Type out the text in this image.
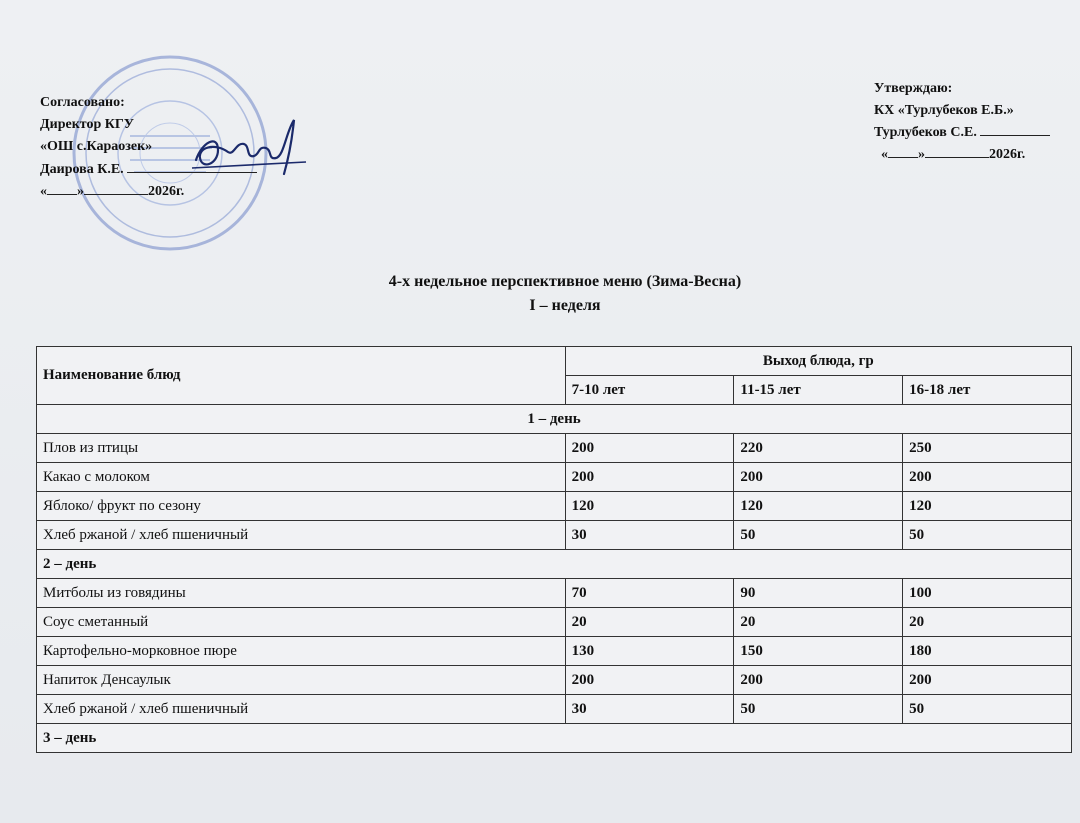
Согласовано:
Директор КГУ
«ОШ с.Караозек»
Даирова К.Е.
« »	2026г.
Утверждаю:
КХ «Турлубеков Е.Б.»
Турлубеков С.Е.
« »	2026г.
4-х недельное перспективное меню (Зима-Весна)
I – неделя
Наименование блюд	Выход блюда, гр		
	7-10 лет	11-15 лет	16-18 лет
1 – день			
Плов из птицы	200	220	250
Какао с молоком	200	200	200
Яблоко/ фрукт по сезону	120	120	120
Хлеб ржаной / хлеб пшеничный	30	50	50
2 – день			
Митболы из говядины	70	90	100
Соус сметанный	20	20	20
Картофельно-морковное пюре	130	150	180
Напиток Денсаулык	200	200	200
Хлеб ржаной / хлеб пшеничный	30	50	50
3 – день			
